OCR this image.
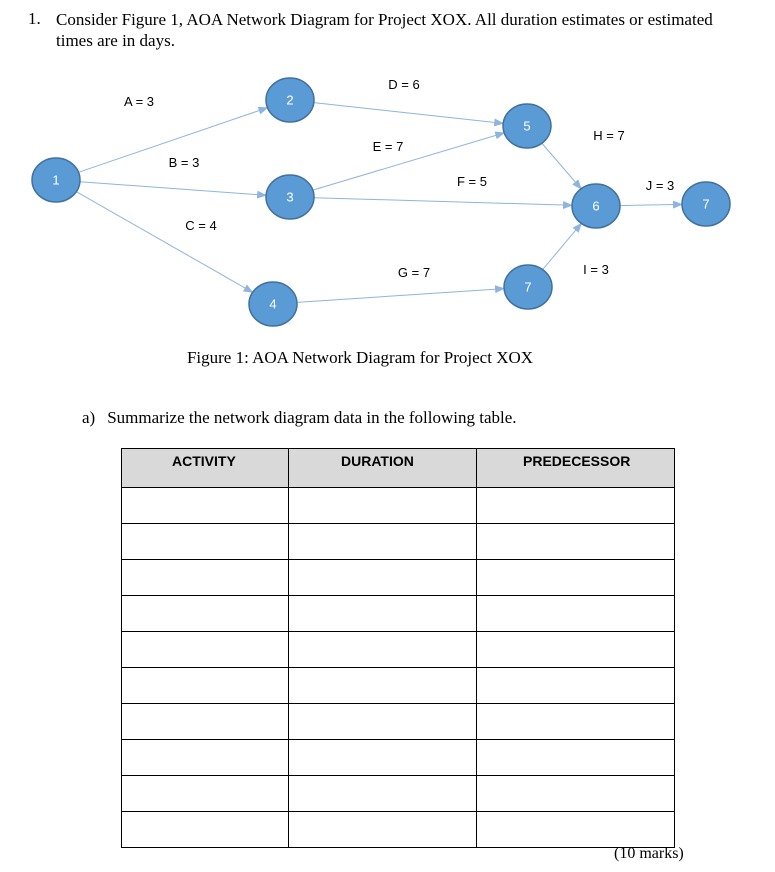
1. Consider Figure 1, AOA Network Diagram for Project XOX. All duration estimates or estimated times are in days.
1
2
3
4
5
6
7
7
A = 3
B = 3
C = 4
D = 6
E = 7
F = 5
G = 7
H = 7
I = 3
J = 3
Figure 1: AOA Network Diagram for Project XOX
a) Summarize the network diagram data in the following table.
ACTIVITY	DURATION	PREDECESSOR

(10 marks)
